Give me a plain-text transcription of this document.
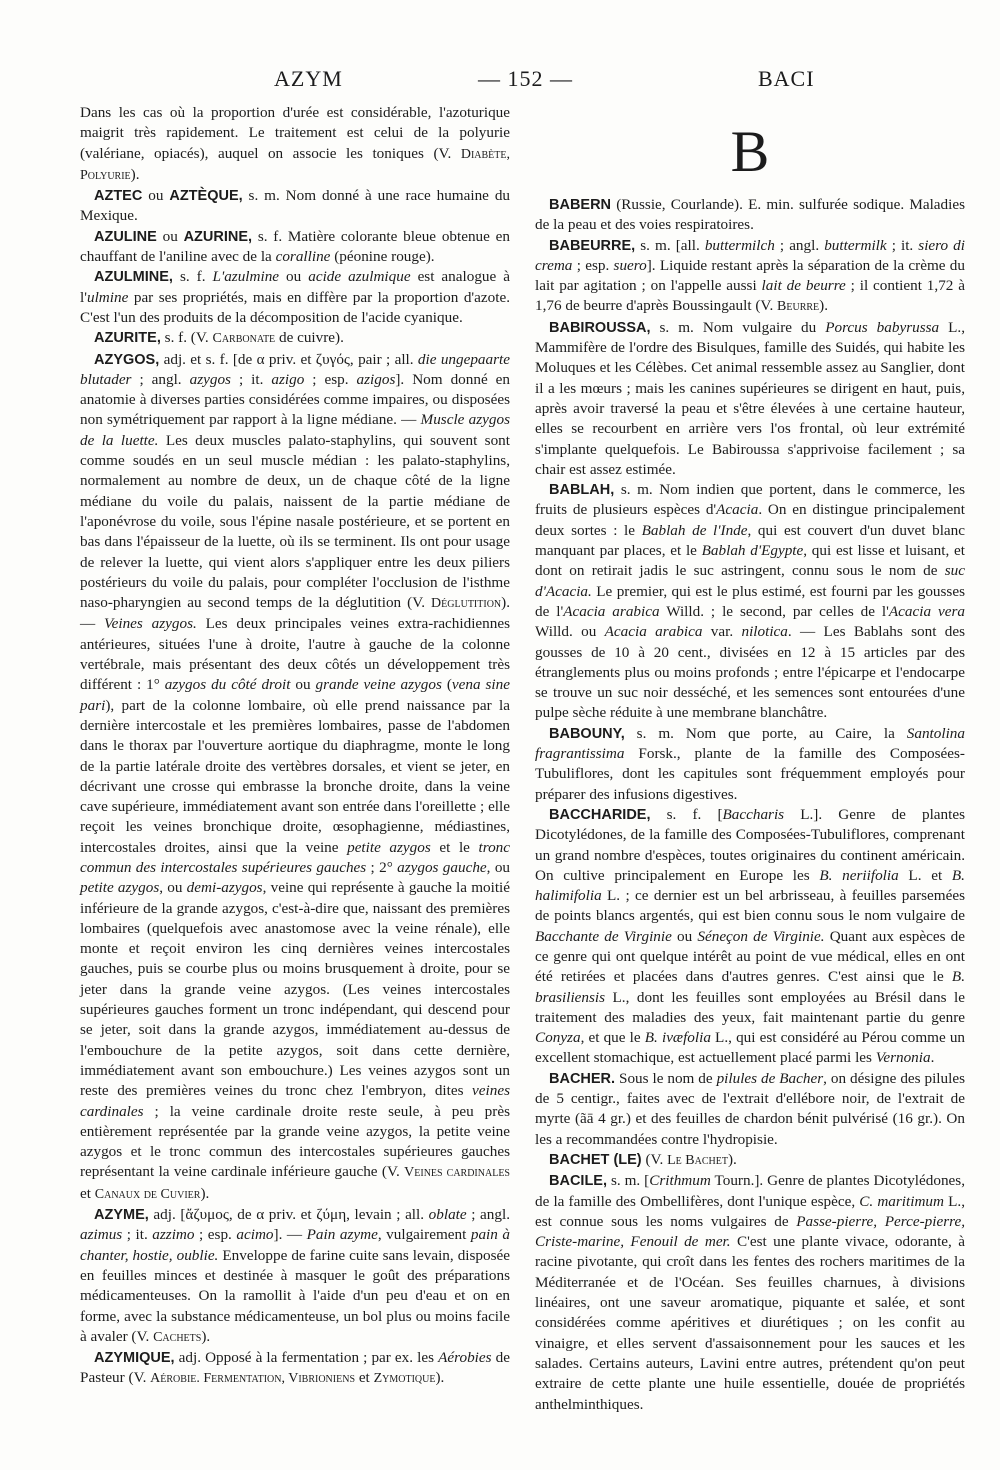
AZYM	— 152 —	BACI

Dans les cas où la proportion d'urée est considérable, l'azoturique maigrit très rapidement. Le traitement est celui de la polyurie (valériane, opiacés), auquel on associe les toniques (V. Diabète, Polyurie).

AZTEC ou AZTÈQUE, s. m. Nom donné à une race humaine du Mexique.

AZULINE ou AZURINE, s. f. Matière colorante bleue obtenue en chauffant de l'aniline avec de la coralline (péonine rouge).

AZULMINE, s. f. L'azulmine ou acide azulmique est analogue à l'ulmine par ses propriétés, mais en diffère par la proportion d'azote. C'est l'un des produits de la décomposition de l'acide cyanique.

AZURITE, s. f. (V. Carbonate de cuivre).

AZYGOS, adj. et s. f. [de α priv. et ζυγός, pair ; all. die ungepaarte blutader ; angl. azygos ; it. azigo ; esp. azigos]. Nom donné en anatomie à diverses parties considérées comme impaires, ou disposées non symétriquement par rapport à la ligne médiane. — Muscle azygos de la luette. Les deux muscles palato-staphylins, qui souvent sont comme soudés en un seul muscle médian : les palato-staphylins, normalement au nombre de deux, un de chaque côté de la ligne médiane du voile du palais, naissent de la partie médiane de l'aponévrose du voile, sous l'épine nasale postérieure, et se portent en bas dans l'épaisseur de la luette, où ils se terminent. Ils ont pour usage de relever la luette, qui vient alors s'appliquer entre les deux piliers postérieurs du voile du palais, pour compléter l'occlusion de l'isthme naso-pharyngien au second temps de la déglutition (V. Déglutition). — Veines azygos. Les deux principales veines extra-rachidiennes antérieures, situées l'une à droite, l'autre à gauche de la colonne vertébrale, mais présentant des deux côtés un développement très différent : 1° azygos du côté droit ou grande veine azygos (vena sine pari), part de la colonne lombaire, où elle prend naissance par la dernière intercostale et les premières lombaires, passe de l'abdomen dans le thorax par l'ouverture aortique du diaphragme, monte le long de la partie latérale droite des vertèbres dorsales, et vient se jeter, en décrivant une crosse qui embrasse la bronche droite, dans la veine cave supérieure, immédiatement avant son entrée dans l'oreillette ; elle reçoit les veines bronchique droite, œsophagienne, médiastines, intercostales droites, ainsi que la veine petite azygos et le tronc commun des intercostales supérieures gauches ; 2° azygos gauche, ou petite azygos, ou demi-azygos, veine qui représente à gauche la moitié inférieure de la grande azygos, c'est-à-dire que, naissant des premières lombaires (quelquefois avec anastomose avec la veine rénale), elle monte et reçoit environ les cinq dernières veines intercostales gauches, puis se courbe plus ou moins brusquement à droite, pour se jeter dans la grande veine azygos. (Les veines intercostales supérieures gauches forment un tronc indépendant, qui descend pour se jeter, soit dans la grande azygos, immédiatement au-dessus de l'embouchure de la petite azygos, soit dans cette dernière, immédiatement avant son embouchure.) Les veines azygos sont un reste des premières veines du tronc chez l'embryon, dites veines cardinales ; la veine cardinale droite reste seule, à peu près entièrement représentée par la grande veine azygos, la petite veine azygos et le tronc commun des intercostales supérieures gauches représentant la veine cardinale inférieure gauche (V. Veines cardinales et Canaux de Cuvier).

AZYME, adj. [ἄζυμος, de α priv. et ζύμη, levain ; all. oblate ; angl. azimus ; it. azzimo ; esp. acimo]. — Pain azyme, vulgairement pain à chanter, hostie, oublie. Enveloppe de farine cuite sans levain, disposée en feuilles minces et destinée à masquer le goût des préparations médicamenteuses. On la ramollit à l'aide d'un peu d'eau et on en forme, avec la substance médicamenteuse, un bol plus ou moins facile à avaler (V. Cachets).

AZYMIQUE, adj. Opposé à la fermentation ; par ex. les Aérobies de Pasteur (V. Aérobie. Fermentation, Vibrioniens et Zymotique).

B

BABERN (Russie, Courlande). E. min. sulfurée sodique. Maladies de la peau et des voies respiratoires.

BABEURRE, s. m. [all. buttermilch ; angl. buttermilk ; it. siero di crema ; esp. suero]. Liquide restant après la séparation de la crème du lait par agitation ; on l'appelle aussi lait de beurre ; il contient 1,72 à 1,76 de beurre d'après Boussingault (V. Beurre).

BABIROUSSA, s. m. Nom vulgaire du Porcus babyrussa L., Mammifère de l'ordre des Bisulques, famille des Suidés, qui habite les Moluques et les Célèbes. Cet animal ressemble assez au Sanglier, dont il a les mœurs ; mais les canines supérieures se dirigent en haut, puis, après avoir traversé la peau et s'être élevées à une certaine hauteur, elles se recourbent en arrière vers l'os frontal, où leur extrémité s'implante quelquefois. Le Babiroussa s'apprivoise facilement ; sa chair est assez estimée.

BABLAH, s. m. Nom indien que portent, dans le commerce, les fruits de plusieurs espèces d'Acacia. On en distingue principalement deux sortes : le Bablah de l'Inde, qui est couvert d'un duvet blanc manquant par places, et le Bablah d'Egypte, qui est lisse et luisant, et dont on retirait jadis le suc astringent, connu sous le nom de suc d'Acacia. Le premier, qui est le plus estimé, est fourni par les gousses de l'Acacia arabica Willd. ; le second, par celles de l'Acacia vera Willd. ou Acacia arabica var. nilotica. — Les Bablahs sont des gousses de 10 à 20 cent., divisées en 12 à 15 articles par des étranglements plus ou moins profonds ; entre l'épicarpe et l'endocarpe se trouve un suc noir desséché, et les semences sont entourées d'une pulpe sèche réduite à une membrane blanchâtre.

BABOUNY, s. m. Nom que porte, au Caire, la Santolina fragrantissima Forsk., plante de la famille des Composées-Tubuliflores, dont les capitules sont fréquemment employés pour préparer des infusions digestives.

BACCHARIDE, s. f. [Baccharis L.]. Genre de plantes Dicotylédones, de la famille des Composées-Tubuliflores, comprenant un grand nombre d'espèces, toutes originaires du continent américain. On cultive principalement en Europe les B. neriifolia L. et B. halimifolia L. ; ce dernier est un bel arbrisseau, à feuilles parsemées de points blancs argentés, qui est bien connu sous le nom vulgaire de Bacchante de Virginie ou Séneçon de Virginie. Quant aux espèces de ce genre qui ont quelque intérêt au point de vue médical, elles en ont été retirées et placées dans d'autres genres. C'est ainsi que le B. brasiliensis L., dont les feuilles sont employées au Brésil dans le traitement des maladies des yeux, fait maintenant partie du genre Conyza, et que le B. ivæfolia L., qui est considéré au Pérou comme un excellent stomachique, est actuellement placé parmi les Vernonia.

BACHER. Sous le nom de pilules de Bacher, on désigne des pilules de 5 centigr., faites avec de l'extrait d'ellébore noir, de l'extrait de myrte (ãā 4 gr.) et des feuilles de chardon bénit pulvérisé (16 gr.). On les a recommandées contre l'hydropisie.

BACHET (LE) (V. Le Bachet).

BACILE, s. m. [Crithmum Tourn.]. Genre de plantes Dicotylédones, de la famille des Ombellifères, dont l'unique espèce, C. maritimum L., est connue sous les noms vulgaires de Passe-pierre, Perce-pierre, Criste-marine, Fenouil de mer. C'est une plante vivace, odorante, à racine pivotante, qui croît dans les fentes des rochers maritimes de la Méditerranée et de l'Océan. Ses feuilles charnues, à divisions linéaires, ont une saveur aromatique, piquante et salée, et sont considérées comme apéritives et diurétiques ; on les confit au vinaigre, et elles servent d'assaisonnement pour les sauces et les salades. Certains auteurs, Lavini entre autres, prétendent qu'on peut extraire de cette plante une huile essentielle, douée de propriétés anthelminthiques.
